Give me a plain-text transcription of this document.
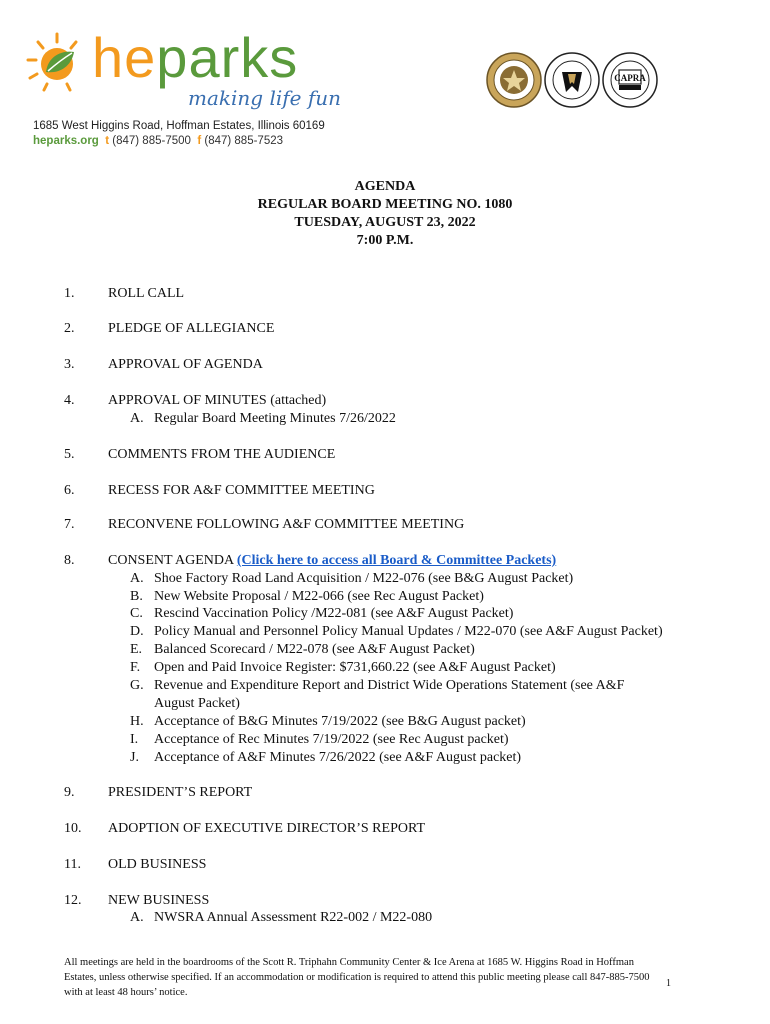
heparks
making life fun
1685 West Higgins Road, Hoffman Estates, Illinois 60169
heparks.org t (847) 885-7500 f (847) 885-7523
CAPRA
AGENDA
REGULAR BOARD MEETING NO. 1080
TUESDAY, AUGUST 23, 2022
7:00 P.M.
1.	ROLL CALL
2.	PLEDGE OF ALLEGIANCE
3.	APPROVAL OF AGENDA
4.	APPROVAL OF MINUTES (attached)
A. Regular Board Meeting Minutes 7/26/2022
5.	COMMENTS FROM THE AUDIENCE
6.	RECESS FOR A&F COMMITTEE MEETING
7.	RECONVENE FOLLOWING A&F COMMITTEE MEETING
8.	CONSENT AGENDA (Click here to access all Board & Committee Packets)
A. Shoe Factory Road Land Acquisition / M22-076 (see B&G August Packet)
B. New Website Proposal / M22-066 (see Rec August Packet)
C. Rescind Vaccination Policy /M22-081 (see A&F August Packet)
D. Policy Manual and Personnel Policy Manual Updates / M22-070 (see A&F August Packet)
E. Balanced Scorecard / M22-078 (see A&F August Packet)
F. Open and Paid Invoice Register: $731,660.22 (see A&F August Packet)
G. Revenue and Expenditure Report and District Wide Operations Statement (see A&F
August Packet)
H. Acceptance of B&G Minutes 7/19/2022 (see B&G August packet)
I. Acceptance of Rec Minutes 7/19/2022 (see Rec August packet)
J. Acceptance of A&F Minutes 7/26/2022 (see A&F August packet)
9.	PRESIDENT’S REPORT
10.	ADOPTION OF EXECUTIVE DIRECTOR’S REPORT
11.	OLD BUSINESS
12.	NEW BUSINESS
A. NWSRA Annual Assessment R22-002 / M22-080
All meetings are held in the boardrooms of the Scott R. Triphahn Community Center & Ice Arena at 1685 W. Higgins Road in Hoffman
Estates, unless otherwise specified. If an accommodation or modification is required to attend this public meeting please call 847-885-7500
with at least 48 hours’ notice.
1
